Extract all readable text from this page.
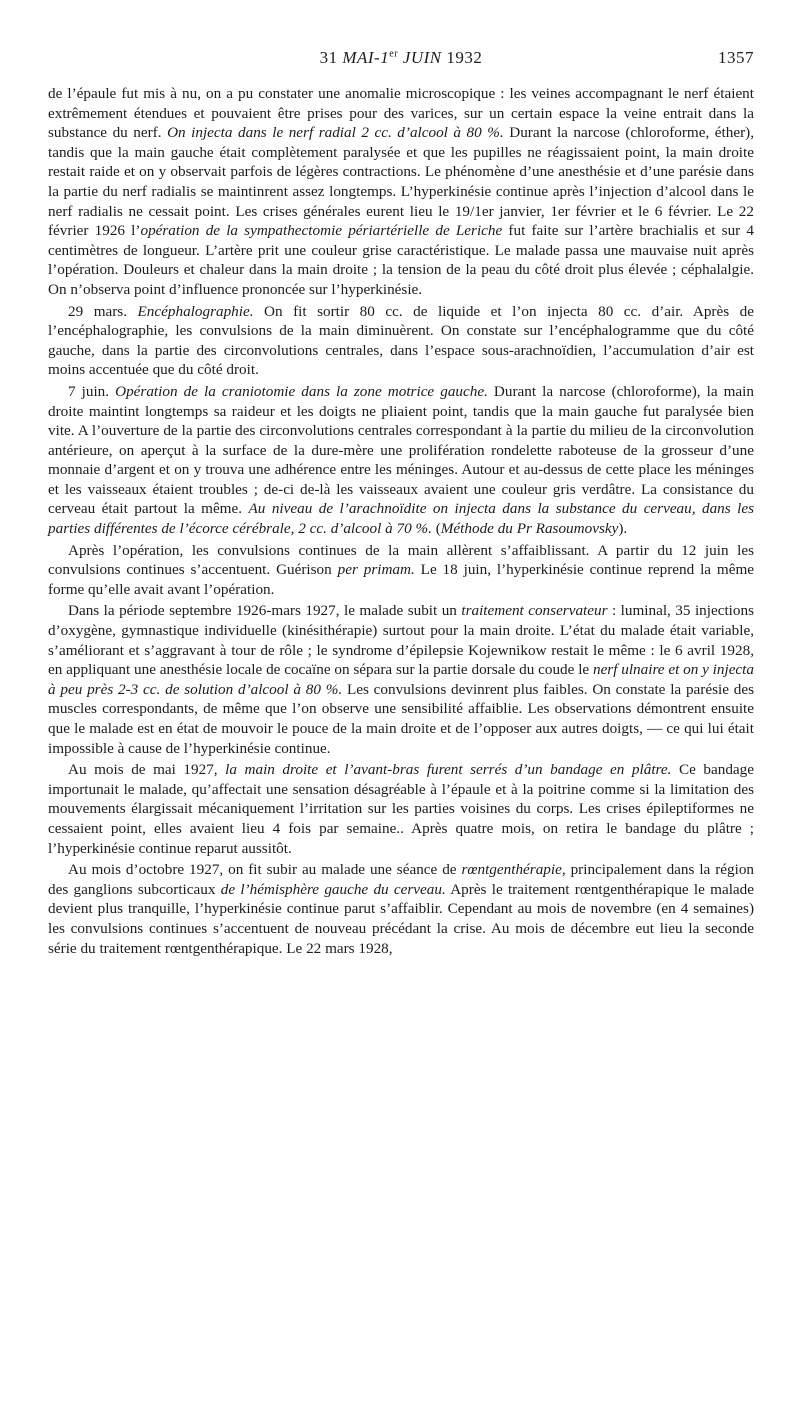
31 MAI-1er JUIN 1932	1357

de l’épaule fut mis à nu, on a pu constater une anomalie microscopique : les veines accompagnant le nerf étaient extrêmement étendues et pouvaient être prises pour des varices, sur un certain espace la veine entrait dans la substance du nerf. On injecta dans le nerf radial 2 cc. d’alcool à 80 %. Durant la narcose (chloroforme, éther), tandis que la main gauche était complètement paralysée et que les pupilles ne réagissaient point, la main droite restait raide et on y observait parfois de légères contractions. Le phénomène d’une anesthésie et d’une parésie dans la partie du nerf radialis se maintinrent assez longtemps. L’hyperkinésie continue après l’injection d’alcool dans le nerf radialis ne cessait point. Les crises générales eurent lieu le 19/1er janvier, 1er février et le 6 février. Le 22 février 1926 l’opération de la sympathectomie périartérielle de Leriche fut faite sur l’artère brachialis et sur 4 centimètres de longueur. L’artère prit une couleur grise caractéristique. Le malade passa une mauvaise nuit après l’opération. Douleurs et chaleur dans la main droite ; la tension de la peau du côté droit plus élevée ; céphalalgie. On n’observa point d’influence prononcée sur l’hyperkinésie.

29 mars. Encéphalographie. On fit sortir 80 cc. de liquide et l’on injecta 80 cc. d’air. Après de l’encéphalographie, les convulsions de la main diminuèrent. On constate sur l’encéphalogramme que du côté gauche, dans la partie des circonvolutions centrales, dans l’espace sous-arachnoïdien, l’accumulation d’air est moins accentuée que du côté droit.

7 juin. Opération de la craniotomie dans la zone motrice gauche. Durant la narcose (chloroforme), la main droite maintint longtemps sa raideur et les doigts ne pliaient point, tandis que la main gauche fut paralysée bien vite. A l’ouverture de la partie des circonvolutions centrales correspondant à la partie du milieu de la circonvolution antérieure, on aperçut à la surface de la dure-mère une prolifération rondelette raboteuse de la grosseur d’une monnaie d’argent et on y trouva une adhérence entre les méninges. Autour et au-dessus de cette place les méninges et les vaisseaux étaient troubles ; de-ci de-là les vaisseaux avaient une couleur gris verdâtre. La consistance du cerveau était partout la même. Au niveau de l’arachnoïdite on injecta dans la substance du cerveau, dans les parties différentes de l’écorce cérébrale, 2 cc. d’alcool à 70 %. (Méthode du Pr Rasoumovsky).

Après l’opération, les convulsions continues de la main allèrent s’affaiblissant. A partir du 12 juin les convulsions continues s’accentuent. Guérison per primam. Le 18 juin, l’hyperkinésie continue reprend la même forme qu’elle avait avant l’opération.

Dans la période septembre 1926-mars 1927, le malade subit un traitement conservateur : luminal, 35 injections d’oxygène, gymnastique individuelle (kinésithérapie) surtout pour la main droite. L’état du malade était variable, s’améliorant et s’aggravant à tour de rôle ; le syndrome d’épilepsie Kojewnikow restait le même : le 6 avril 1928, en appliquant une anesthésie locale de cocaïne on sépara sur la partie dorsale du coude le nerf ulnaire et on y injecta à peu près 2-3 cc. de solution d’alcool à 80 %. Les convulsions devinrent plus faibles. On constate la parésie des muscles correspondants, de même que l’on observe une sensibilité affaiblie. Les observations démontrent ensuite que le malade est en état de mouvoir le pouce de la main droite et de l’opposer aux autres doigts, — ce qui lui était impossible à cause de l’hyperkinésie continue.

Au mois de mai 1927, la main droite et l’avant-bras furent serrés d’un bandage en plâtre. Ce bandage importunait le malade, qu’affectait une sensation désagréable à l’épaule et à la poitrine comme si la limitation des mouvements élargissait mécaniquement l’irritation sur les parties voisines du corps. Les crises épileptiformes ne cessaient point, elles avaient lieu 4 fois par semaine.. Après quatre mois, on retira le bandage du plâtre ; l’hyperkinésie continue reparut aussitôt.

Au mois d’octobre 1927, on fit subir au malade une séance de rœntgenthérapie, principalement dans la région des ganglions subcorticaux de l’hémisphère gauche du cerveau. Après le traitement rœntgenthérapique le malade devient plus tranquille, l’hyperkinésie continue parut s’affaiblir. Cependant au mois de novembre (en 4 semaines) les convulsions continues s’accentuent de nouveau précédant la crise. Au mois de décembre eut lieu la seconde série du traitement rœntgenthérapique. Le 22 mars 1928,
